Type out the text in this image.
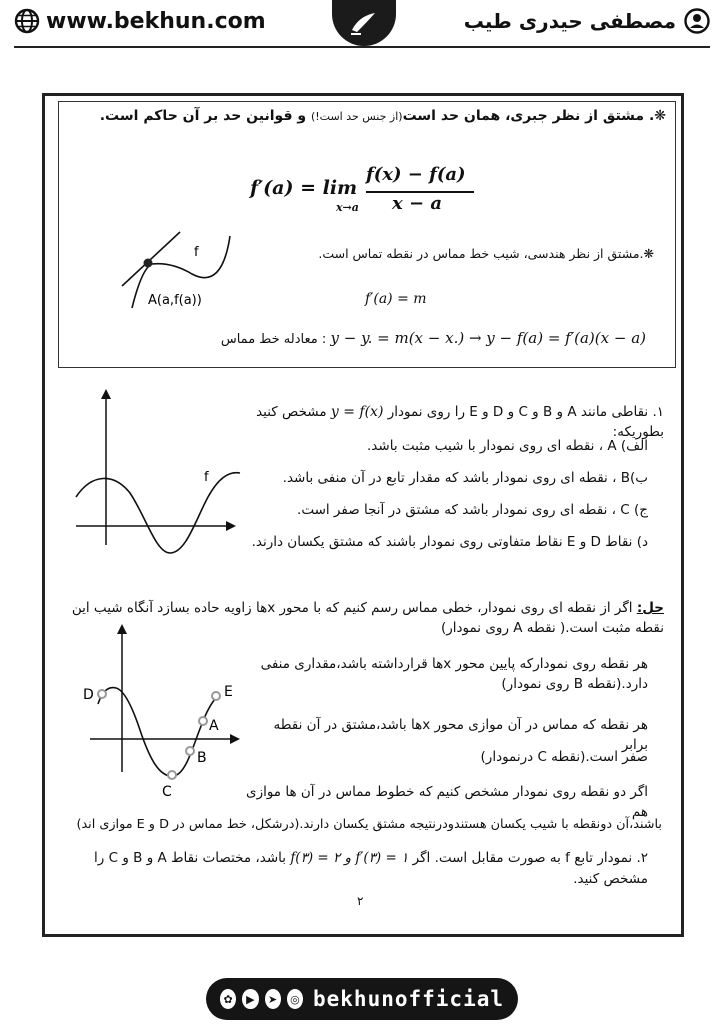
www.bekhun.com	مصطفی حیدری طیب
❋. مشتق از نظر جبری، همان حد است(از جنس حد است!) و قوانین حد بر آن حاکم است.
f′(a) = lim
x→a
f(x) − f(a)
x − a
f
A(a,f(a))
❋.مشتق از نظر هندسی، شیب خط مماس در نقطه تماس است.
f′(a) = m
y − y. = m(x − x.) → y − f(a) = f′(a)(x − a) : معادله خط مماس
f
۱. نقاطی مانند A و B و C و D و E را روی نمودار y = f(x) مشخص کنید بطوریکه:
الف) A ، نقطه ای روی نمودار با شیب مثبت باشد.
ب)B ، نقطه ای روی نمودار باشد که مقدار تابع در آن منفی باشد.
ج) C ، نقطه ای روی نمودار باشد که مشتق در آنجا صفر است.
د) نقاط D و E نقاط متفاوتی روی نمودار باشند که مشتق یکسان دارند.
حل: اگر از نقطه ای روی نمودار، خطی مماس رسم کنیم که با محور xها زاویه حاده بسازد آنگاه شیب این نقطه مثبت است.( نقطه A روی نمودار)
D	E
A
B
C
هر نقطه روی نمودارکه پایین محور xها قرارداشته باشد،مقداری منفی دارد.(نقطه B روی نمودار)
هر نقطه که مماس در آن موازی محور xها باشد،مشتق در آن نقطه برابر
صفر است.(نقطه C درنمودار)
اگر دو نقطه روی نمودار مشخص کنیم که خطوط مماس در آن ها موازی هم
باشند،آن دونقطه با شیب یکسان هستندودرنتیجه مشتق یکسان دارند.(درشکل، خط مماس در D و E موازی اند)
۲. نمودار تابع f به صورت مقابل است. اگر f(۳) = ۲ و f′(۳) = ۱ باشد، مختصات نقاط A و B و C را
مشخص کنید.
۲
✿	▶	➤	◎ bekhunofficial
